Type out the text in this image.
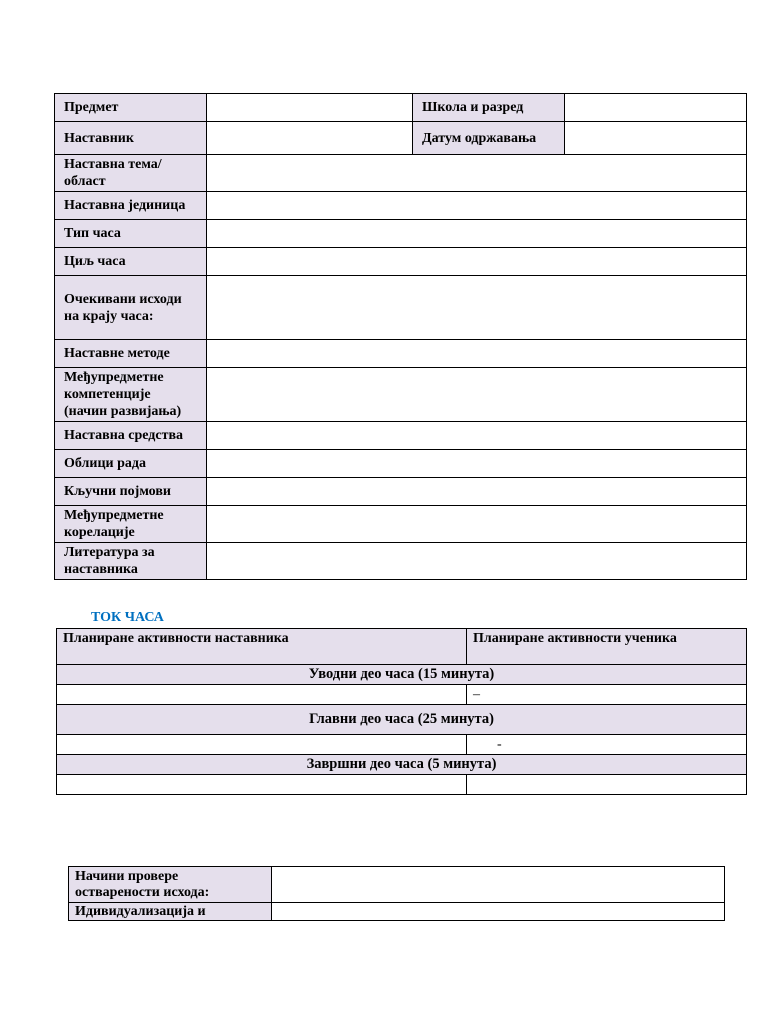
Предмет		Школа и разред	
Наставник		Датум одржавања	
Наставна тема/област			
Наставна јединица			
Тип часа			
Циљ часа			
Очекивани исходи на крају часа:			
Наставне методе			
Међупредметне компетенције (начин развијања)			
Наставна средства			
Облици рада			
Кључни појмови			
Међупредметне корелације			
Литература за наставника			
ТОК ЧАСА
Планиране активности наставника	Планиране активности ученика
Уводни део часа (15 минута)	
	–
Главни део часа (25 минута)	
	-
Завршни део часа (5 минута)	

Начини провере остварености исхода:	
Идивидуализација и	
